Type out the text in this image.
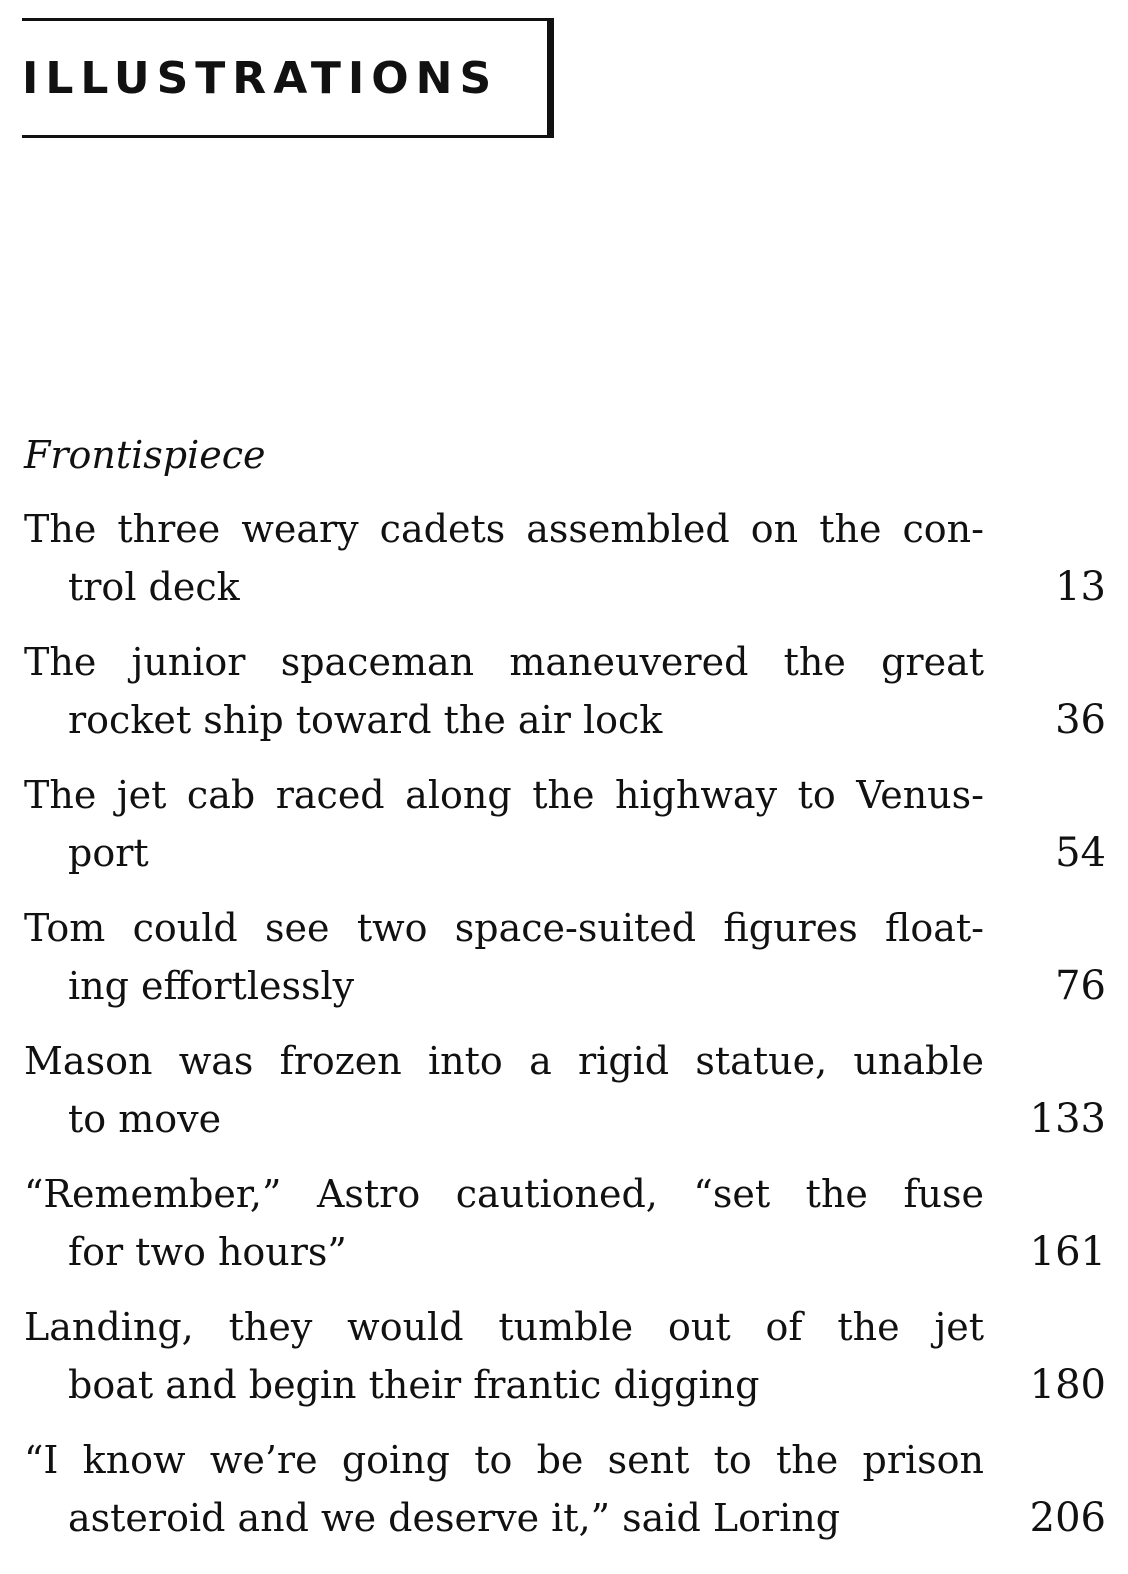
ILLUSTRATIONS
Frontispiece
The three weary cadets assembled on the con-
trol deck	13
The junior spaceman maneuvered the great
rocket ship toward the air lock	36
The jet cab raced along the highway to Venus-
port	54
Tom could see two space-suited figures float-
ing effortlessly	76
Mason was frozen into a rigid statue, unable
to move	133
“Remember,” Astro cautioned, “set the fuse
for two hours”	161
Landing, they would tumble out of the jet
boat and begin their frantic digging	180
“I know we’re going to be sent to the prison
asteroid and we deserve it,” said Loring	206
